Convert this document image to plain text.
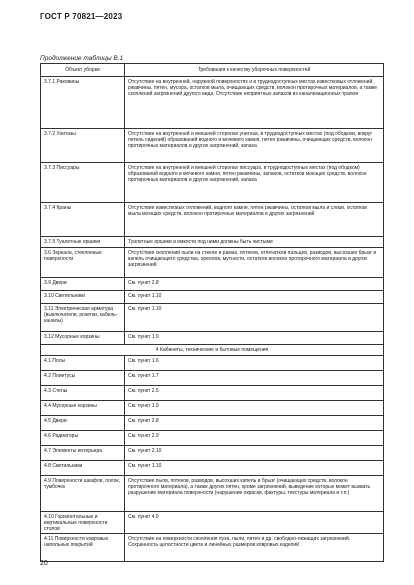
ГОСТ Р 70821—2023
Продолжение таблицы В.1
Объект уборки	Требования к качеству уборочных поверхностей
3.7.1 Раковины	Отсутствие на внутренней, наружной поверхностях и в труднодоступных местах известковых отложений, ржавчины, пятен, мусора, остатков мыла, очищающих средств, волокон протирочных материалов, а также скоплений загрязнений другого вида. Отсутствие неприятных запахов из канализационных трапов
3.7.2 Унитазы	Отсутствие на внутренней и внешней сторонах унитаза, в труднодоступных местах (под ободком, вокруг петель сидений) образований водного и мочевого камня, пятен ржавчины, очищающих средств, волокон протирочных материалов и других загрязнений, запаха
3.7.3 Писсуары	Отсутствие на внутренней и внешней сторонах писсуара, в труднодоступных местах (под ободком) образований водного и мочевого камня, пятен ржавчины, запахов, остатков моющих средств, волокон протирочных материалов и других загрязнений, запаха
3.7.4 Краны	Отсутствие известковых отложений, водного камня, пятен ржавчины, остатков мыла и слизи, остатков мыла моющих средств, волокон протирочных материалов и других загрязнений
3.7.5 Туалетные ершики	Туалетные ершики и емкости под ними должны быть чистыми
3.6 Зеркала, стеклянные поверхности	Отсутствие скоплений пыли на стекле и рамах, потеков, отпечатков пальцев, разводов, высохших брызг и капель очищающего средства, ореолов, мутности, остатков волокон протирочного материала и других загрязнений
3.9 Двери	См. пункт 2.8
3.10 Светильники	См. пункт 1.10
3.11 Электрическая арматура (выключатели, розетки, кабель-каналы)	См. пункт 1.10
3.12 Мусорные корзины	См. пункт 1.9
4 Кабинеты, технические и бытовые помещения	
4.1 Полы	См. пункт 1.6
4.2 Плинтусы	См. пункт 1.7
4.3 Стены	См. пункт 2.5
4.4 Мусорные корзины	См. пункт 1.9
4.5 Двери	См. пункт 2.8
4.6 Радиаторы	См. пункт 2.9
4.7 Элементы интерьера	См. пункт 2.10
4.8 Светильники	См. пункт 1.10
4.9 Поверхности шкафов, полок, тумбочек	Отсутствие пыли, потеков, разводов, высохших капель и брызг (очищающих средств, волокон протирочного материала), а также других пятен, кроме загрязнений, выведение которых может вызвать разрушение материала поверхности (нарушение окраски, фактуры, текстуры материала и т.п.)
4.10 Горизонтальные и вертикальные поверхности столов	См. пункт 4.9
4.11 Поверхности ковровых напольных покрытий	Отсутствие на поверхности скопления пуха, пыли, пятен и др. свободно-лежащих загрязнений. Сохранность целостности цвета и линейных размеров ковровых изделий
20
